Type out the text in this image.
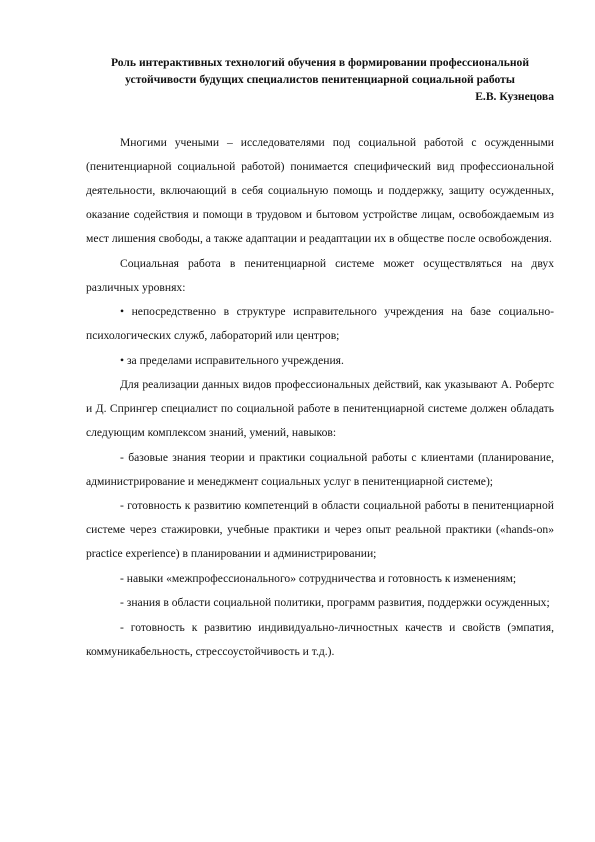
Роль интерактивных технологий обучения в формировании профессиональной устойчивости будущих специалистов пенитенциарной социальной работы

Е.В. Кузнецова

Многими учеными – исследователями под социальной работой с осужденными (пенитенциарной социальной работой) понимается специфический вид профессиональной деятельности, включающий в себя социальную помощь и поддержку, защиту осужденных, оказание содействия и помощи в трудовом и бытовом устройстве лицам, освобождаемым из мест лишения свободы, а также адаптации и реадаптации их в обществе после освобождения.

Социальная работа в пенитенциарной системе может осуществляться на двух различных уровнях:

• непосредственно в структуре исправительного учреждения на базе социально-психологических служб, лабораторий или центров;

• за пределами исправительного учреждения.

Для реализации данных видов профессиональных действий, как указывают А. Робертс и Д. Спрингер специалист по социальной работе в пенитенциарной системе должен обладать следующим комплексом знаний, умений, навыков:

- базовые знания теории и практики социальной работы с клиентами (планирование, администрирование и менеджмент социальных услуг в пенитенциарной системе);

- готовность к развитию компетенций в области социальной работы в пенитенциарной системе через стажировки, учебные практики и через опыт реальной практики («hands-on» practice experience) в планировании и администрировании;

- навыки «межпрофессионального» сотрудничества и готовность к изменениям;

- знания в области социальной политики, программ развития, поддержки осужденных;

- готовность к развитию индивидуально-личностных качеств и свойств (эмпатия, коммуникабельность, стрессоустойчивость и т.д.).
